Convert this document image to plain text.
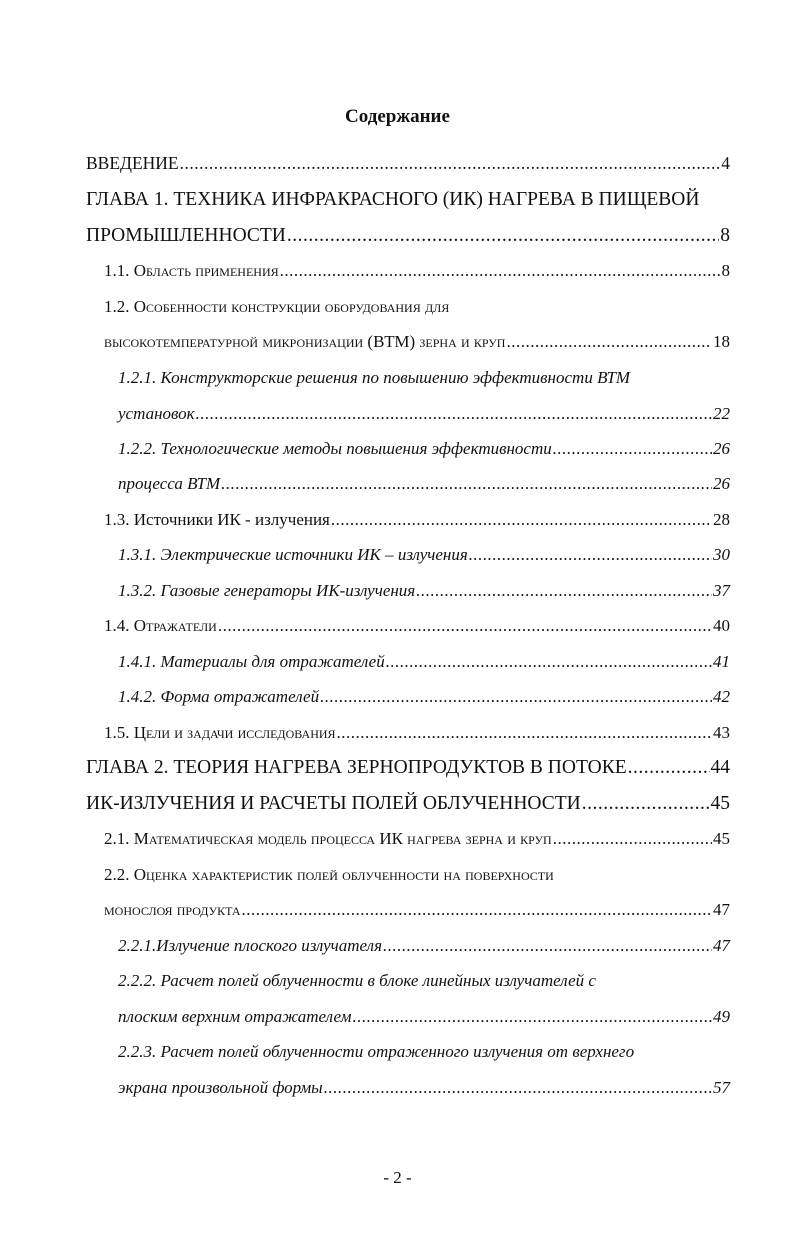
Содержание
ВВЕДЕНИЕ .....	4
ГЛАВА 1. ТЕХНИКА ИНФРАКРАСНОГО (ИК) НАГРЕВА В ПИЩЕВОЙ
ПРОМЫШЛЕННОСТИ .....	8
1.1. Область применения .....	8
1.2. Особенности конструкции оборудования для
высокотемпературной микронизации (ВТМ) зерна и круп .....	18
1.2.1. Конструкторские решения по повышению эффективности ВТМ
установок .....	22
1.2.2. Технологические методы повышения эффективности .....	26
процесса ВТМ .....	26
1.3. Источники ИК - излучения .....	28
1.3.1. Электрические источники ИК – излучения .....	30
1.3.2. Газовые генераторы ИК-излучения .....	37
1.4. Отражатели .....	40
1.4.1. Материалы для отражателей .....	41
1.4.2. Форма отражателей .....	42
1.5. Цели и задачи исследования .....	43
ГЛАВА 2. ТЕОРИЯ НАГРЕВА ЗЕРНОПРОДУКТОВ В ПОТОКЕ .....	44
ИК-ИЗЛУЧЕНИЯ И РАСЧЕТЫ ПОЛЕЙ ОБЛУЧЕННОСТИ .....	45
2.1. Математическая модель процесса ИК нагрева зерна и круп .....	45
2.2. Оценка характеристик полей облученности на поверхности
монослоя продукта .....	47
2.2.1.Излучение плоского излучателя .....	47
2.2.2. Расчет полей облученности в блоке линейных излучателей с
плоским верхним отражателем .....	49
2.2.3. Расчет полей облученности отраженного излучения от верхнего
экрана произвольной формы .....	57
- 2 -
